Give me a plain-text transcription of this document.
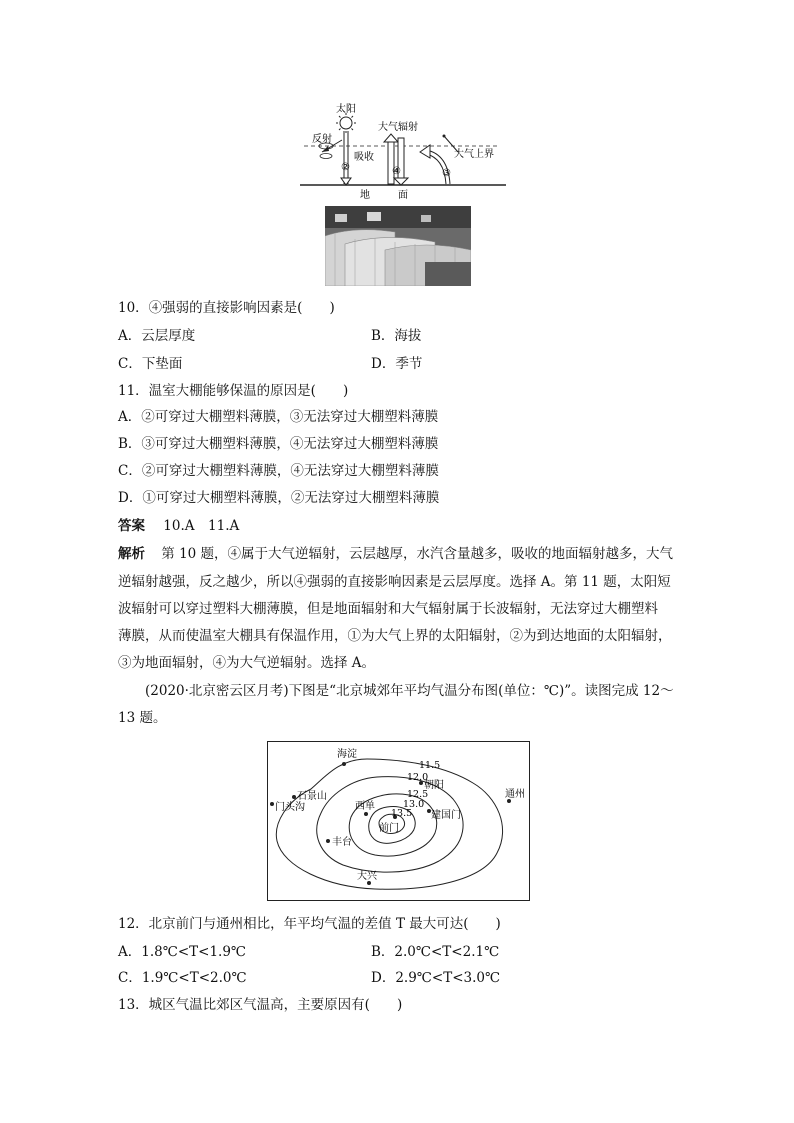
太阳
反射
吸收
②
大气辐射
④	③
大气上界
地	面
10．④强弱的直接影响因素是(　　)
A．云层厚度	B．海拔
C．下垫面	D．季节
11．温室大棚能够保温的原因是(　　)
A．②可穿过大棚塑料薄膜，③无法穿过大棚塑料薄膜
B．③可穿过大棚塑料薄膜，④无法穿过大棚塑料薄膜
C．②可穿过大棚塑料薄膜，④无法穿过大棚塑料薄膜
D．①可穿过大棚塑料薄膜，②无法穿过大棚塑料薄膜
答案 10.A　11.A
解析 第 10 题，④属于大气逆辐射，云层越厚，水汽含量越多，吸收的地面辐射越多，大气
逆辐射越强，反之越少，所以④强弱的直接影响因素是云层厚度。选择 A。第 11 题，太阳短
波辐射可以穿过塑料大棚薄膜，但是地面辐射和大气辐射属于长波辐射，无法穿过大棚塑料
薄膜，从而使温室大棚具有保温作用，①为大气上界的太阳辐射，②为到达地面的太阳辐射，
③为地面辐射，④为大气逆辐射。选择 A。
(2020·北京密云区月考)下图是“北京城郊年平均气温分布图(单位：℃)”。读图完成 12～
13 题。
海淀
石景山
门头沟
朝阳
通州
西单
前门
建国门
丰台
大兴
11.5
12.0
12.5
13.0
13.5
12．北京前门与通州相比，年平均气温的差值 T 最大可达(　　)
A．1.8℃<T<1.9℃	B．2.0℃<T<2.1℃
C．1.9℃<T<2.0℃	D．2.9℃<T<3.0℃
13．城区气温比郊区气温高，主要原因有(　　)
